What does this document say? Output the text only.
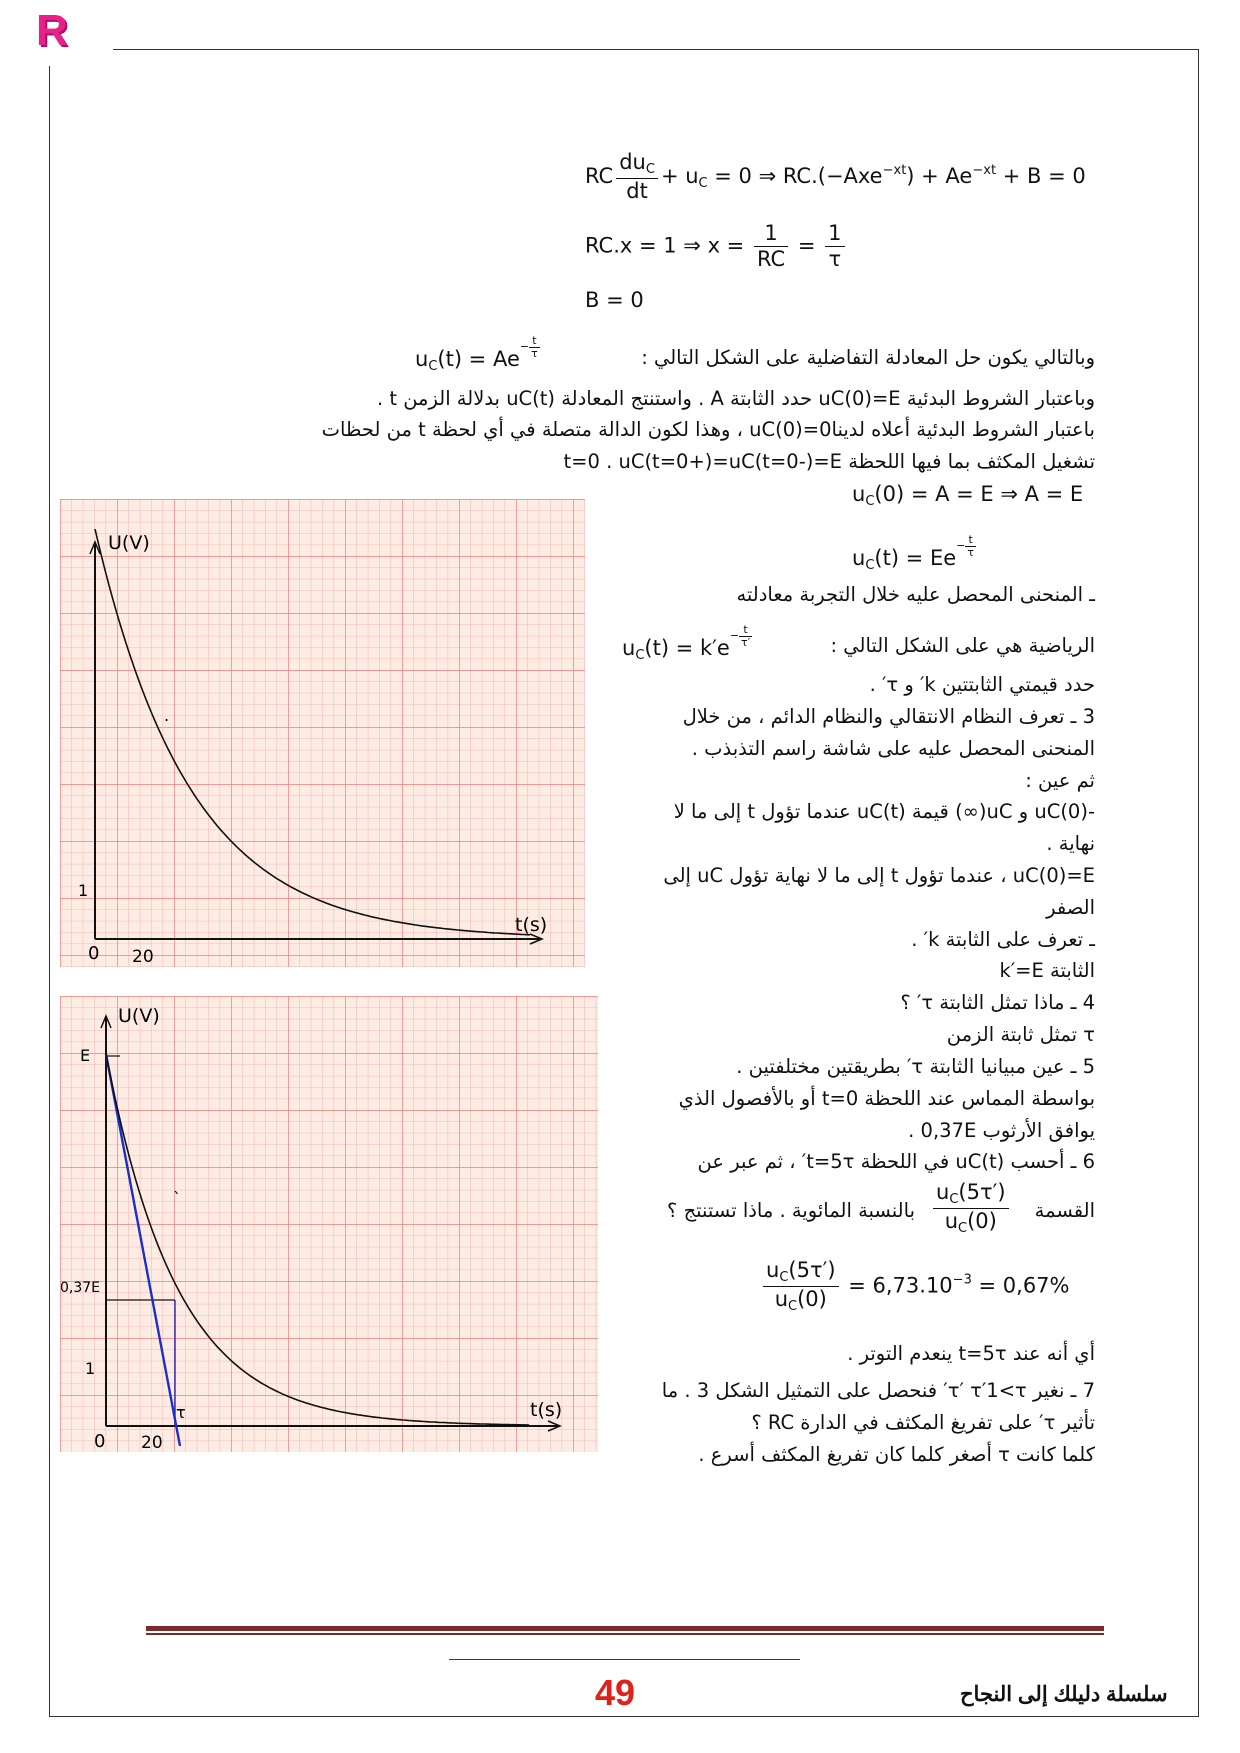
R
RC $\frac{du_C}{dt} + u_C = 0$ ⇒ $RC.(-Axe^{-xt}) + Ae^{-xt} + B = 0$
RC.x = 1 ⇒ $x = \frac{1}{RC} = \frac{1}{\tau}$
B = 0
وبالتالي يكون حل المعادلة التفاضلية على الشكل التالي :
$u_C(t) = Ae- \frac{t}{\tau}$
وباعتبار الشروط البدئية uC(0)=E حدد الثابتة A . واستنتج المعادلة uC(t) بدلالة الزمن t .
باعتبار الشروط البدئية أعلاه لدينا0=uC(0) ، وهذا لكون الدالة متصلة في أي لحظة t من لحظات
تشغيل المكثف بما فيها اللحظة t=0 . uC(t=0+)=uC(t=0-)=E
$u_C(0) = A = E$ ⇒ A = E
$u_C(t) = Ee- \frac{t}{\tau}$
ـ المنحنى المحصل عليه خلال التجربة معادلته
الرياضية هي على الشكل التالي :
$u_C(t) = k'e- \frac{t}{\tau'}$
حدد قيمتي الثابتتين k′ و τ′ .
3 ـ تعرف النظام الانتقالي والنظام الدائم ، من خلال
المنحنى المحصل عليه على شاشة راسم التذبذب .
ثم عين :
-uC(0) و uC(∞) قيمة uC(t) عندما تؤول t إلى ما لا
نهاية .
uC(0)=E ، عندما تؤول t إلى ما لا نهاية تؤول uC إلى
الصفر
ـ تعرف على الثابتة k′ .
الثابتة k′=E
4 ـ ماذا تمثل الثابتة τ′ ؟
τ تمثل ثابتة الزمن
5 ـ عين مبيانيا الثابتة τ′ بطريقتين مختلفتين .
بواسطة المماس عند اللحظة t=0 أو بالأفصول الذي
يوافق الأرثوب 0,37E .
6 ـ أحسب uC(t) في اللحظة t=5τ′ ، ثم عبر عن
القسمة
$\frac{u_C(5\tau')}{u_C(0)}$
بالنسبة المائوية . ماذا تستنتج ؟
$\frac{u_C(5\tau')}{u_C(0)} = 6,73.10^{-3} = 0,67\%$
أي أنه عند t=5τ ينعدم التوتر .
7 ـ نغير τ′ τ′1<τ′ فنحصل على التمثيل الشكل 3 . ما
تأثير τ′ على تفريغ المكثف في الدارة RC ؟
كلما كانت τ أصغر كلما كان تفريغ المكثف أسرع .
U(V)
t(s)
0
1
20
.
U(V)
t(s)
0
1
20
E
0,37E
τ
`
49	سلسلة دليلك إلى النجاح
